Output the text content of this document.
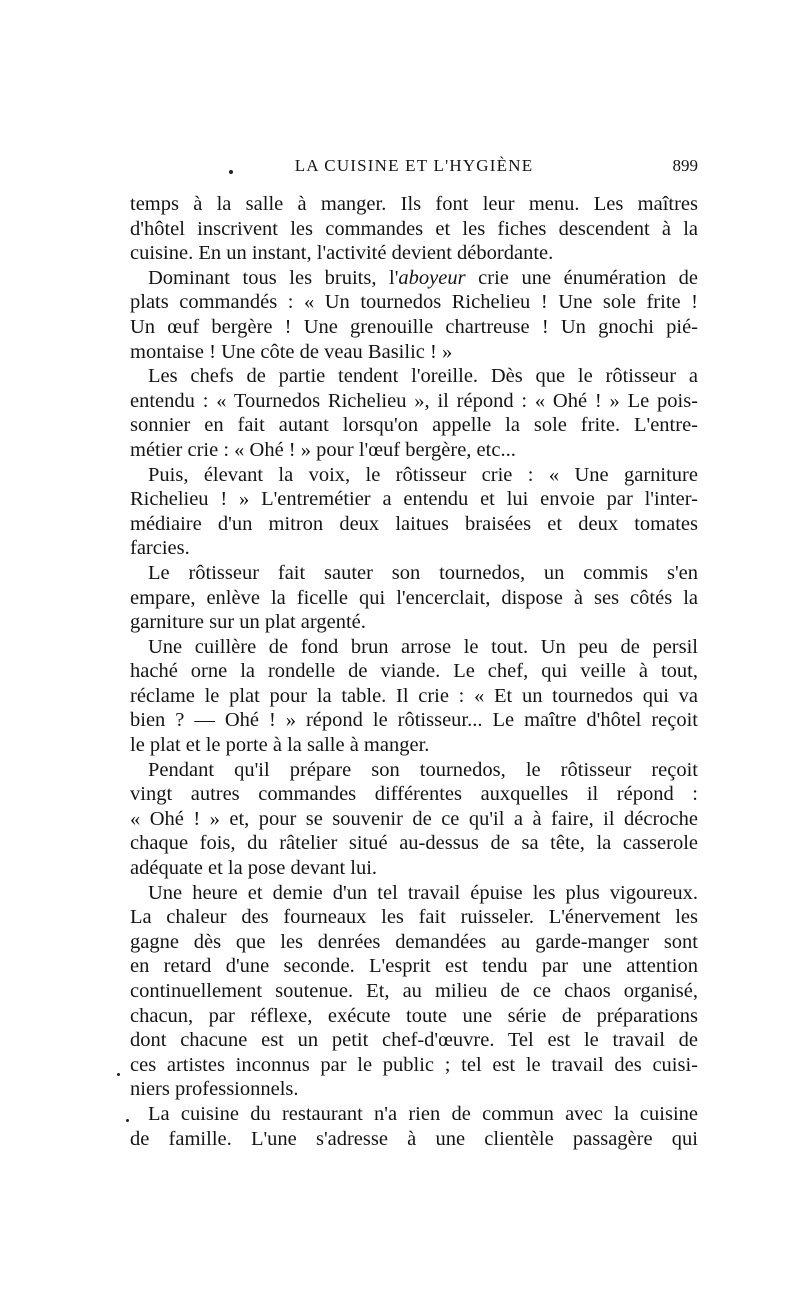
LA CUISINE ET L'HYGIÈNE	899
temps à la salle à manger. Ils font leur menu. Les maîtres
d'hôtel inscrivent les commandes et les fiches descendent à la
cuisine. En un instant, l'activité devient débordante.
Dominant tous les bruits, l'aboyeur crie une énumération de
plats commandés : « Un tournedos Richelieu ! Une sole frite !
Un œuf bergère ! Une grenouille chartreuse ! Un gnochi pié-
montaise ! Une côte de veau Basilic ! »
Les chefs de partie tendent l'oreille. Dès que le rôtisseur a
entendu : « Tournedos Richelieu », il répond : « Ohé ! » Le pois-
sonnier en fait autant lorsqu'on appelle la sole frite. L'entre-
métier crie : « Ohé ! » pour l'œuf bergère, etc...
Puis, élevant la voix, le rôtisseur crie : « Une garniture
Richelieu ! » L'entremétier a entendu et lui envoie par l'inter-
médiaire d'un mitron deux laitues braisées et deux tomates
farcies.
Le rôtisseur fait sauter son tournedos, un commis s'en
empare, enlève la ficelle qui l'encerclait, dispose à ses côtés la
garniture sur un plat argenté.
Une cuillère de fond brun arrose le tout. Un peu de persil
haché orne la rondelle de viande. Le chef, qui veille à tout,
réclame le plat pour la table. Il crie : « Et un tournedos qui va
bien ? — Ohé ! » répond le rôtisseur... Le maître d'hôtel reçoit
le plat et le porte à la salle à manger.
Pendant qu'il prépare son tournedos, le rôtisseur reçoit
vingt autres commandes différentes auxquelles il répond :
« Ohé ! » et, pour se souvenir de ce qu'il a à faire, il décroche
chaque fois, du râtelier situé au-dessus de sa tête, la casserole
adéquate et la pose devant lui.
Une heure et demie d'un tel travail épuise les plus vigoureux.
La chaleur des fourneaux les fait ruisseler. L'énervement les
gagne dès que les denrées demandées au garde-manger sont
en retard d'une seconde. L'esprit est tendu par une attention
continuellement soutenue. Et, au milieu de ce chaos organisé,
chacun, par réflexe, exécute toute une série de préparations
dont chacune est un petit chef-d'œuvre. Tel est le travail de
ces artistes inconnus par le public ; tel est le travail des cuisi-
niers professionnels.
La cuisine du restaurant n'a rien de commun avec la cuisine
de famille. L'une s'adresse à une clientèle passagère qui
